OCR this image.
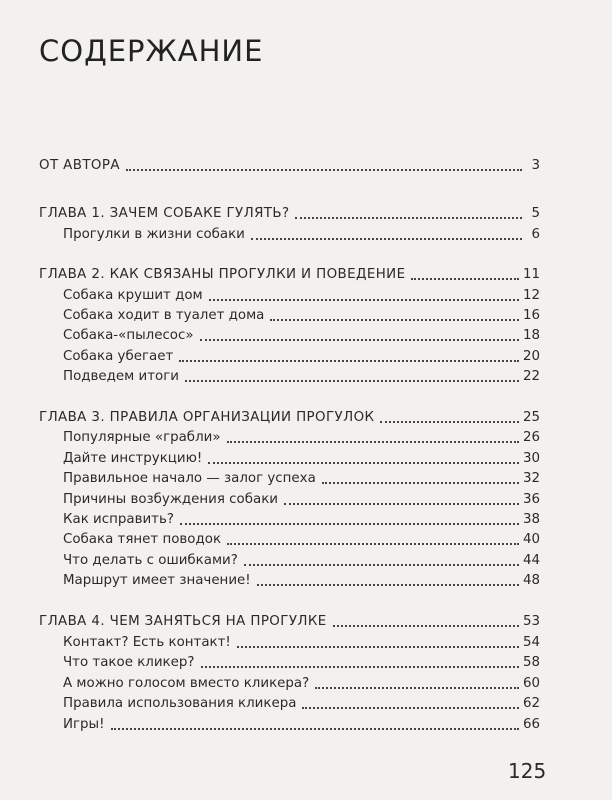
СОДЕРЖАНИЕ
ОТ АВТОРА	3
ГЛАВА 1. ЗАЧЕМ СОБАКЕ ГУЛЯТЬ?	5
Прогулки в жизни собаки	6
ГЛАВА 2. КАК СВЯЗАНЫ ПРОГУЛКИ И ПОВЕДЕНИЕ	11
Собака крушит дом	12
Собака ходит в туалет дома	16
Собака-«пылесос»	18
Собака убегает	20
Подведем итоги	22
ГЛАВА 3. ПРАВИЛА ОРГАНИЗАЦИИ ПРОГУЛОК	25
Популярные «грабли»	26
Дайте инструкцию!	30
Правильное начало — залог успеха	32
Причины возбуждения собаки	36
Как исправить?	38
Собака тянет поводок	40
Что делать с ошибками?	44
Маршрут имеет значение!	48
ГЛАВА 4. ЧЕМ ЗАНЯТЬСЯ НА ПРОГУЛКЕ	53
Контакт? Есть контакт!	54
Что такое кликер?	58
А можно голосом вместо кликера?	60
Правила использования кликера	62
Игры!	66
125
